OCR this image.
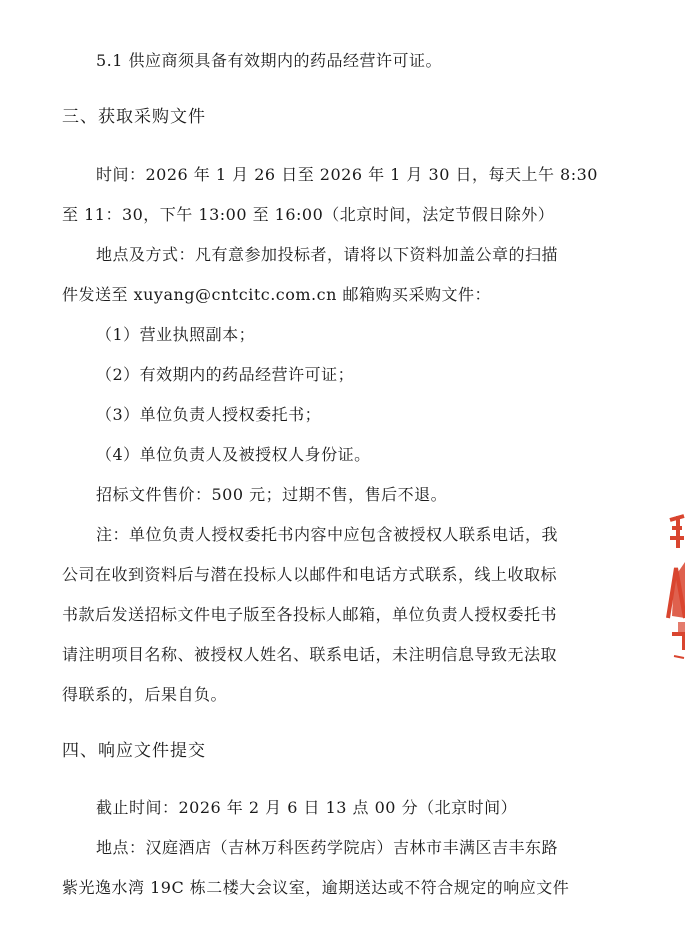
5.1 供应商须具备有效期内的药品经营许可证。
三、获取采购文件
时间：2026 年 1 月 26 日至 2026 年 1 月 30 日，每天上午 8:30
至 11：30，下午 13:00 至 16:00（北京时间，法定节假日除外）
地点及方式：凡有意参加投标者，请将以下资料加盖公章的扫描
件发送至 xuyang@cntcitc.com.cn 邮箱购买采购文件：
（1）营业执照副本；
（2）有效期内的药品经营许可证；
（3）单位负责人授权委托书；
（4）单位负责人及被授权人身份证。
招标文件售价：500 元；过期不售，售后不退。
注：单位负责人授权委托书内容中应包含被授权人联系电话，我
公司在收到资料后与潜在投标人以邮件和电话方式联系，线上收取标
书款后发送招标文件电子版至各投标人邮箱，单位负责人授权委托书
请注明项目名称、被授权人姓名、联系电话，未注明信息导致无法取
得联系的，后果自负。
四、响应文件提交
截止时间：2026 年 2 月 6 日 13 点 00 分（北京时间）
地点：汉庭酒店（吉林万科医药学院店）吉林市丰满区吉丰东路
紫光逸水湾 19C 栋二楼大会议室，逾期送达或不符合规定的响应文件
